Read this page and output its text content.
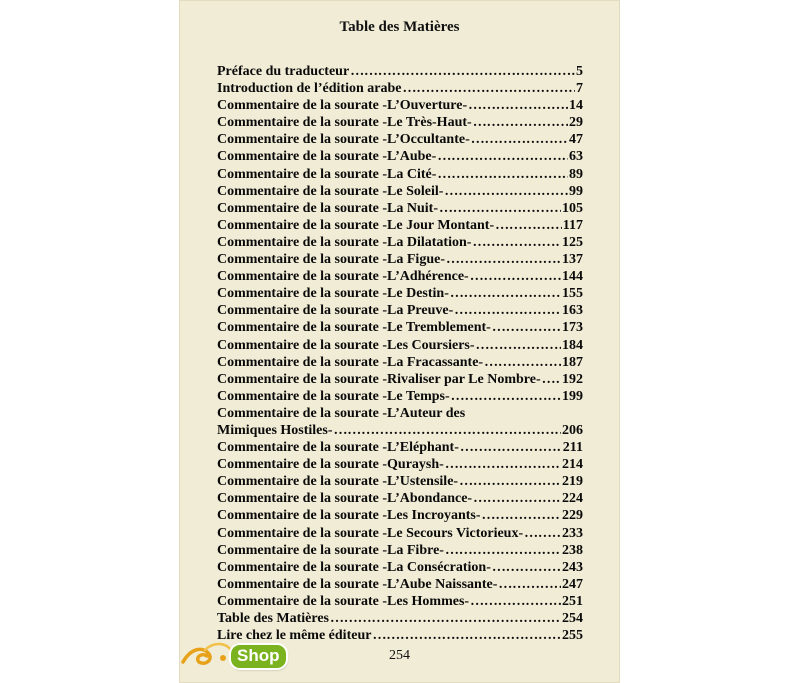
Table des Matières
Préface du traducteur ……………………………………………………………………………………………………………………	5
Introduction de l’édition arabe ……………………………………………………………………………………………………………………	7
Commentaire de la sourate -L’Ouverture- ……………………………………………………………………………………………………………………	14
Commentaire de la sourate -Le Très-Haut- ……………………………………………………………………………………………………………………	29
Commentaire de la sourate -L’Occultante- ……………………………………………………………………………………………………………………	47
Commentaire de la sourate -L’Aube- ……………………………………………………………………………………………………………………	63
Commentaire de la sourate -La Cité- ……………………………………………………………………………………………………………………	89
Commentaire de la sourate -Le Soleil- ……………………………………………………………………………………………………………………	99
Commentaire de la sourate -La Nuit- ……………………………………………………………………………………………………………………	105
Commentaire de la sourate -Le Jour Montant- ……………………………………………………………………………………………………………………	117
Commentaire de la sourate -La Dilatation- ……………………………………………………………………………………………………………………	125
Commentaire de la sourate -La Figue- ……………………………………………………………………………………………………………………	137
Commentaire de la sourate -L’Adhérence- ……………………………………………………………………………………………………………………	144
Commentaire de la sourate -Le Destin- ……………………………………………………………………………………………………………………	155
Commentaire de la sourate -La Preuve- ……………………………………………………………………………………………………………………	163
Commentaire de la sourate -Le Tremblement- ……………………………………………………………………………………………………………………	173
Commentaire de la sourate -Les Coursiers- ……………………………………………………………………………………………………………………	184
Commentaire de la sourate -La Fracassante- ……………………………………………………………………………………………………………………	187
Commentaire de la sourate -Rivaliser par Le Nombre- …………………………………………………………………………………………………………………… 192
Commentaire de la sourate -Le Temps- ……………………………………………………………………………………………………………………	199
Commentaire de la sourate -L’Auteur des
Mimiques Hostiles- ……………………………………………………………………………………………………………………	206
Commentaire de la sourate -L’Eléphant- ……………………………………………………………………………………………………………………	211
Commentaire de la sourate -Quraysh- ……………………………………………………………………………………………………………………	214
Commentaire de la sourate -L’Ustensile- ……………………………………………………………………………………………………………………	219
Commentaire de la sourate -L’Abondance- ……………………………………………………………………………………………………………………	224
Commentaire de la sourate -Les Incroyants- ……………………………………………………………………………………………………………………	229
Commentaire de la sourate -Le Secours Victorieux- ……………………………………………………………………………………………………………………	233
Commentaire de la sourate -La Fibre- ……………………………………………………………………………………………………………………	238
Commentaire de la sourate -La Consécration- ……………………………………………………………………………………………………………………	243
Commentaire de la sourate -L’Aube Naissante- ……………………………………………………………………………………………………………………	247
Commentaire de la sourate -Les Hommes- ……………………………………………………………………………………………………………………	251
Table des Matières ……………………………………………………………………………………………………………………	254
Lire chez le même éditeur ……………………………………………………………………………………………………………………	255
254
Shop
